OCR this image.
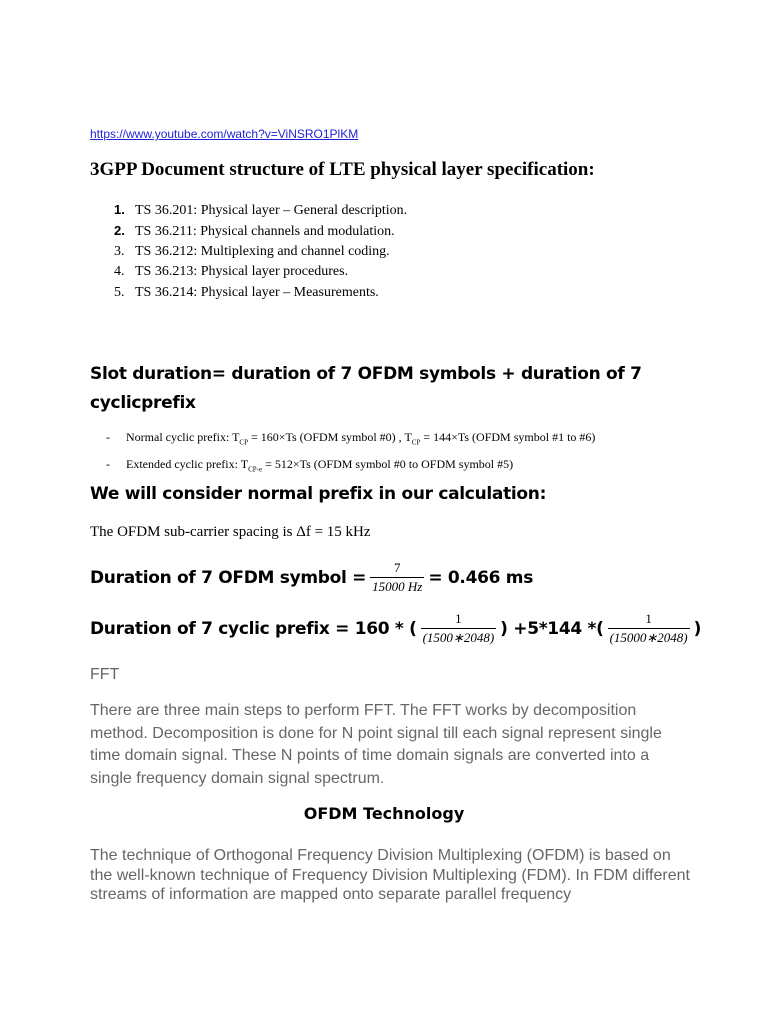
https://www.youtube.com/watch?v=ViNSRO1PlKM
3GPP Document structure of LTE physical layer specification:
1. TS 36.201: Physical layer – General description.
2. TS 36.211: Physical channels and modulation.
3. TS 36.212: Multiplexing and channel coding.
4. TS 36.213: Physical layer procedures.
5. TS 36.214: Physical layer – Measurements.
Slot duration= duration of 7 OFDM symbols + duration of 7 cyclicprefix
- Normal cyclic prefix: $T_{CP} = 160\times Ts$ (OFDM symbol #0) , $T_{CP} = 144\times Ts$ (OFDM symbol #1 to #6)
- Extended cyclic prefix: $T_{CP-e} = 512\times Ts$ (OFDM symbol #0 to OFDM symbol #5)
We will consider normal prefix in our calculation:
The OFDM sub-carrier spacing is Δf = 15 kHz
Duration of 7 OFDM symbol = $\frac{7}{15000 Hz} = 0.466$ ms
Duration of 7 cyclic prefix = 160 * ( $\frac{1}{(1500∗2048)}$ ) +5*144 *( $\frac{1}{(15000∗2048)}$ )
FFT
There are three main steps to perform FFT. The FFT works by decomposition method. Decomposition is done for N point signal till each signal represent single time domain signal. These N points of time domain signals are converted into a single frequency domain signal spectrum.
OFDM Technology
The technique of Orthogonal Frequency Division Multiplexing (OFDM) is based on the well-known technique of Frequency Division Multiplexing (FDM). In FDM different streams of information are mapped onto separate parallel frequency
